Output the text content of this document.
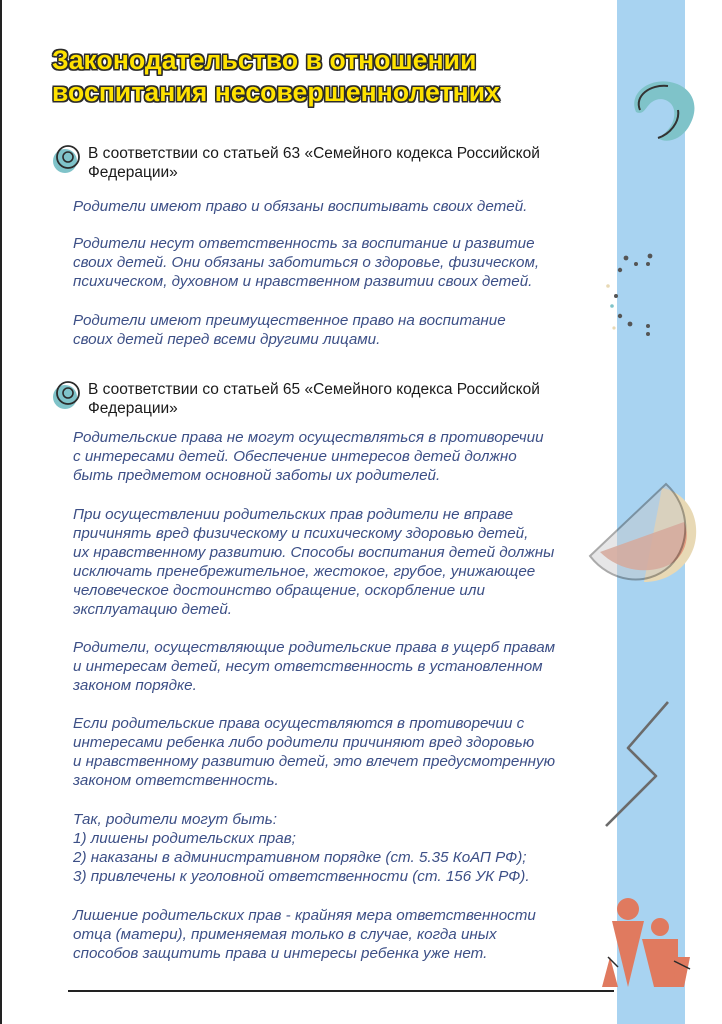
Законодательство в отношении
воспитания несовершеннолетних
В соответствии со статьей 63 «Семейного кодекса Российской
Федерации»
Родители имеют право и обязаны воспитывать своих детей.
Родители несут ответственность за воспитание и развитие
своих детей. Они обязаны заботиться о здоровье, физическом,
психическом, духовном и нравственном развитии своих детей.
Родители имеют преимущественное право на воспитание
своих детей перед всеми другими лицами.
В соответствии со статьей 65 «Семейного кодекса Российской
Федерации»
Родительские права не могут осуществляться в противоречии
с интересами детей. Обеспечение интересов детей должно
быть предметом основной заботы их родителей.
При осуществлении родительских прав родители не вправе
причинять вред физическому и психическому здоровью детей,
их нравственному развитию. Способы воспитания детей должны
исключать пренебрежительное, жестокое, грубое, унижающее
человеческое достоинство обращение, оскорбление или
эксплуатацию детей.
Родители, осуществляющие родительские права в ущерб правам
и интересам детей, несут ответственность в установленном
законом порядке.
Если родительские права осуществляются в противоречии с
интересами ребенка либо родители причиняют вред здоровью
и нравственному развитию детей, это влечет предусмотренную
законом ответственность.
Так, родители могут быть:
1) лишены родительских прав;
2) наказаны в административном порядке (ст. 5.35 КоАП РФ);
3) привлечены к уголовной ответственности (ст. 156 УК РФ).
Лишение родительских прав - крайняя мера ответственности
отца (матери), применяемая только в случае, когда иных
способов защитить права и интересы ребенка уже нет.
